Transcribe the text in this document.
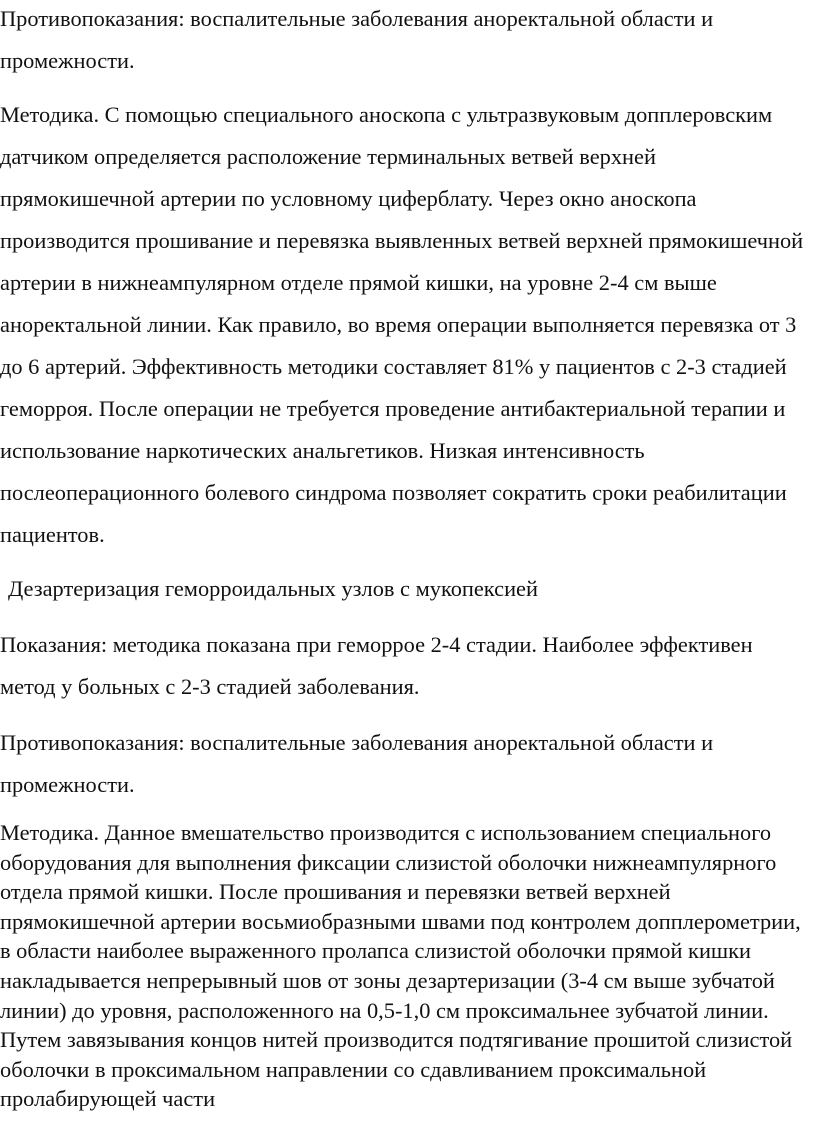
Противопоказания: воспалительные заболевания аноректальной области и промежности.

Методика. С помощью специального аноскопа с ультразвуковым допплеровским датчиком определяется расположение терминальных ветвей верхней прямокишечной артерии по условному циферблату. Через окно аноскопа производится прошивание и перевязка выявленных ветвей верхней прямокишечной артерии в нижнеампулярном отделе прямой кишки, на уровне 2-4 см выше аноректальной линии. Как правило, во время операции выполняется перевязка от 3 до 6 артерий. Эффективность методики составляет 81% у пациентов с 2-3 стадией геморроя. После операции не требуется проведение антибактериальной терапии и использование наркотических анальгетиков. Низкая интенсивность послеоперационного болевого синдрома позволяет сократить сроки реабилитации пациентов.

Дезартеризация геморроидальных узлов с мукопексией

Показания: методика показана при геморрое 2-4 стадии. Наиболее эффективен метод у больных с 2-3 стадией заболевания.

Противопоказания: воспалительные заболевания аноректальной области и промежности.

Методика. Данное вмешательство производится с использованием специального оборудования для выполнения фиксации слизистой оболочки нижнеампулярного отдела прямой кишки. После прошивания и перевязки ветвей верхней прямокишечной артерии восьмиобразными швами под контролем допплерометрии, в области наиболее выраженного пролапса слизистой оболочки прямой кишки накладывается непрерывный шов от зоны дезартеризации (3-4 см выше зубчатой линии) до уровня, расположенного на 0,5-1,0 см проксимальнее зубчатой линии. Путем завязывания концов нитей производится подтягивание прошитой слизистой оболочки в проксимальном направлении со сдавливанием проксимальной пролабирующей части
